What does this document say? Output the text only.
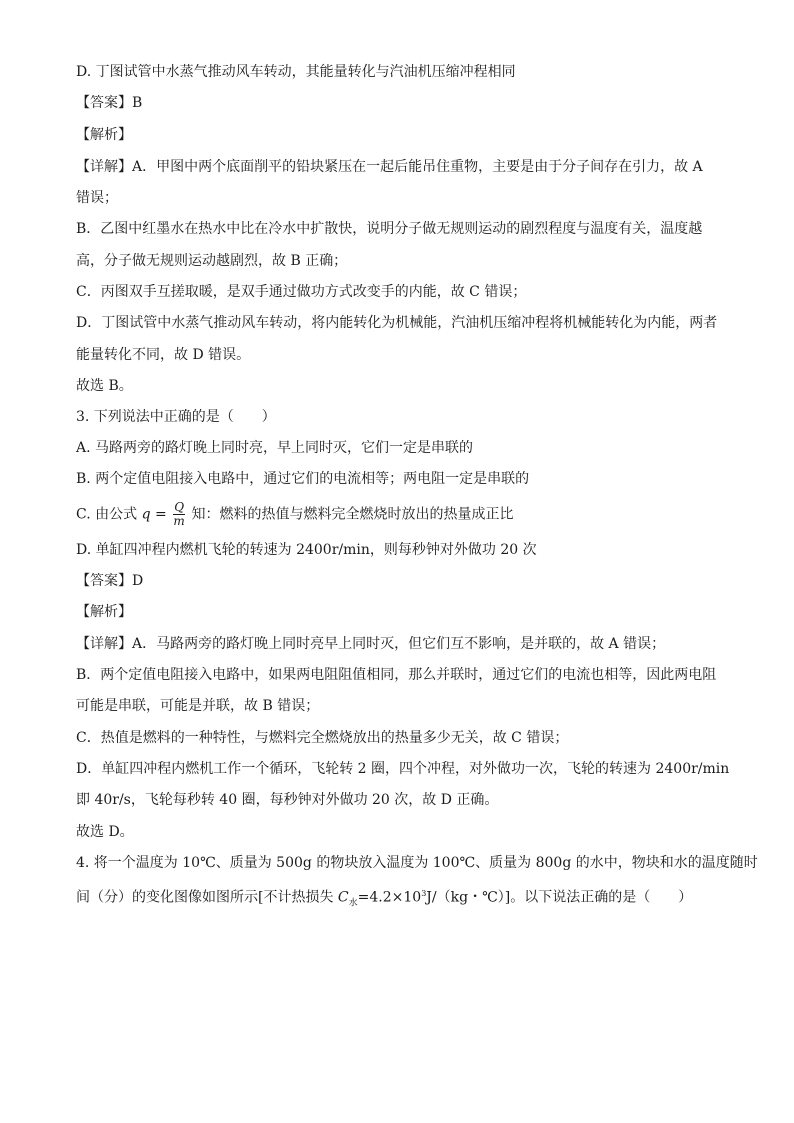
D. 丁图试管中水蒸气推动风车转动，其能量转化与汽油机压缩冲程相同
【答案】B
【解析】
【详解】A．甲图中两个底面削平的铅块紧压在一起后能吊住重物，主要是由于分子间存在引力，故 A
错误；
B．乙图中红墨水在热水中比在冷水中扩散快，说明分子做无规则运动的剧烈程度与温度有关，温度越
高，分子做无规则运动越剧烈，故 B 正确；
C．丙图双手互搓取暖，是双手通过做功方式改变手的内能，故 C 错误；
D．丁图试管中水蒸气推动风车转动，将内能转化为机械能，汽油机压缩冲程将机械能转化为内能，两者
能量转化不同，故 D 错误。
故选 B。
3. 下列说法中正确的是（　　）
A. 马路两旁的路灯晚上同时亮，早上同时灭，它们一定是串联的
B. 两个定值电阻接入电路中，通过它们的电流相等；两电阻一定是串联的
C. 由公式 $q = \frac{Q}{m}$ 知：燃料的热值与燃料完全燃烧时放出的热量成正比
D. 单缸四冲程内燃机飞轮的转速为 2400r/min，则每秒钟对外做功 20 次
【答案】D
【解析】
【详解】A．马路两旁的路灯晚上同时亮早上同时灭，但它们互不影响，是并联的，故 A 错误；
B．两个定值电阻接入电路中，如果两电阻阻值相同，那么并联时，通过它们的电流也相等，因此两电阻
可能是串联，可能是并联，故 B 错误；
C．热值是燃料的一种特性，与燃料完全燃烧放出的热量多少无关，故 C 错误；
D．单缸四冲程内燃机工作一个循环，飞轮转 2 圈，四个冲程，对外做功一次，飞轮的转速为 2400r/min
即 40r/s，飞轮每秒转 40 圈，每秒钟对外做功 20 次，故 D 正确。
故选 D。
4. 将一个温度为 10℃、质量为 500g 的物块放入温度为 100℃、质量为 800g 的水中，物块和水的温度随时
间（分）的变化图像如图所示[不计热损失 $C_水=4.2\times 10^3J/(kg$・℃）]。以下说法正确的是（　　）
